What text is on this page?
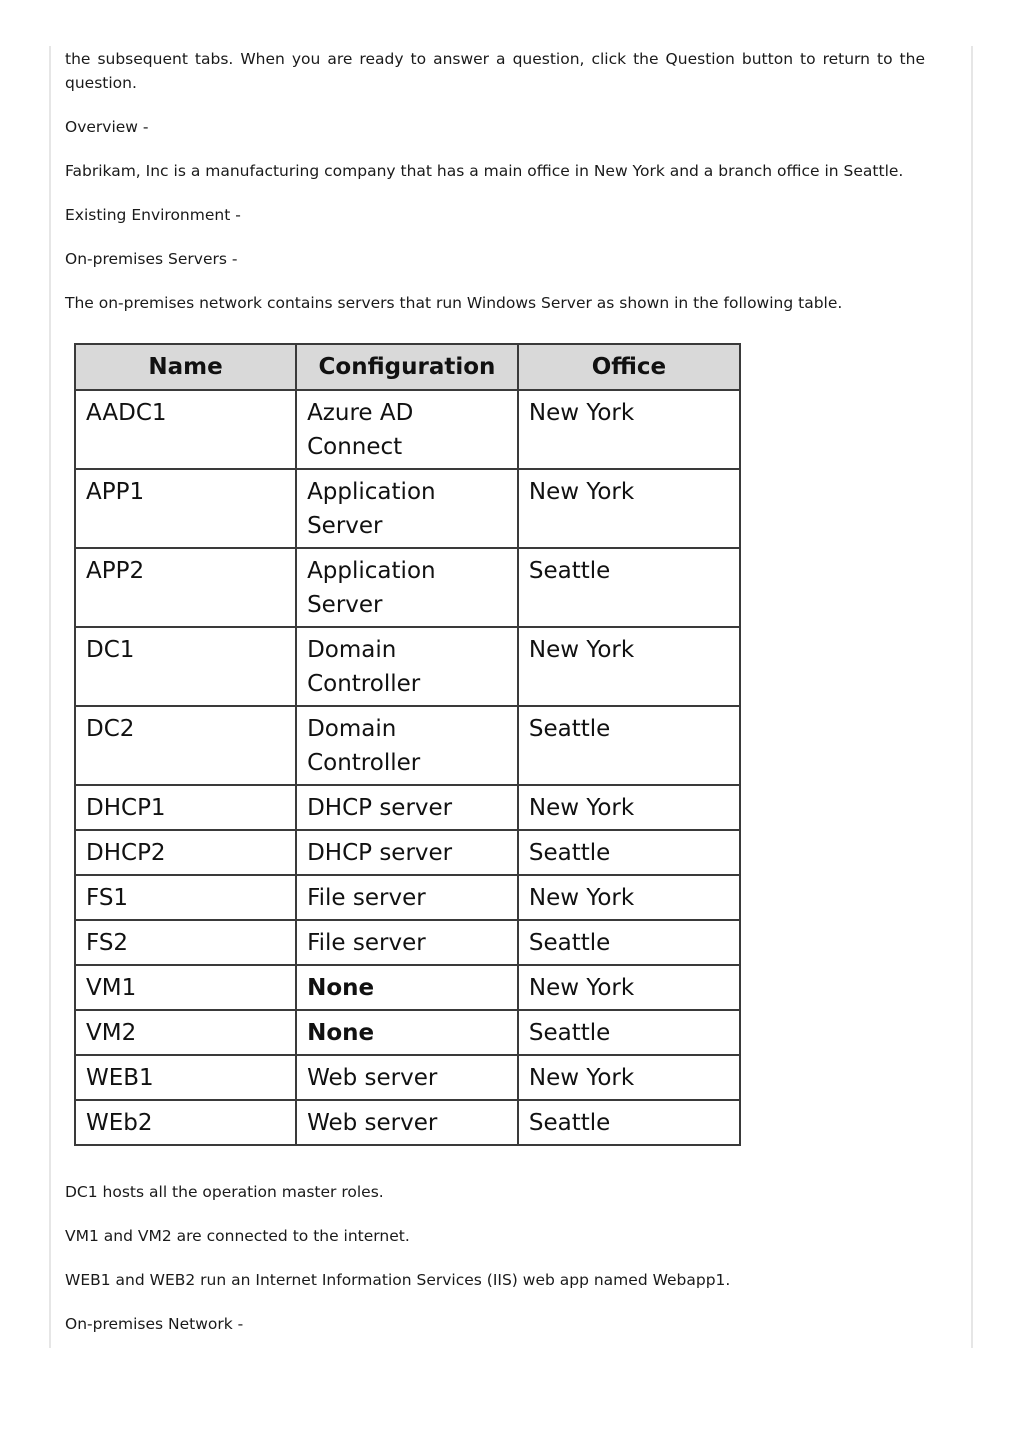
the subsequent tabs. When you are ready to answer a question, click the Question button to return to the question.

Overview -

Fabrikam, Inc is a manufacturing company that has a main office in New York and a branch office in Seattle.

Existing Environment -

On-premises Servers -

The on-premises network contains servers that run Windows Server as shown in the following table.

Name	Configuration	Office
AADC1	Azure AD Connect	New York
APP1	Application Server	New York
APP2	Application Server	Seattle
DC1	Domain Controller	New York
DC2	Domain Controller	Seattle
DHCP1	DHCP server	New York
DHCP2	DHCP server	Seattle
FS1	File server	New York
FS2	File server	Seattle
VM1	None	New York
VM2	None	Seattle
WEB1	Web server	New York
WEb2	Web server	Seattle

DC1 hosts all the operation master roles.

VM1 and VM2 are connected to the internet.

WEB1 and WEB2 run an Internet Information Services (IIS) web app named Webapp1.

On-premises Network -
